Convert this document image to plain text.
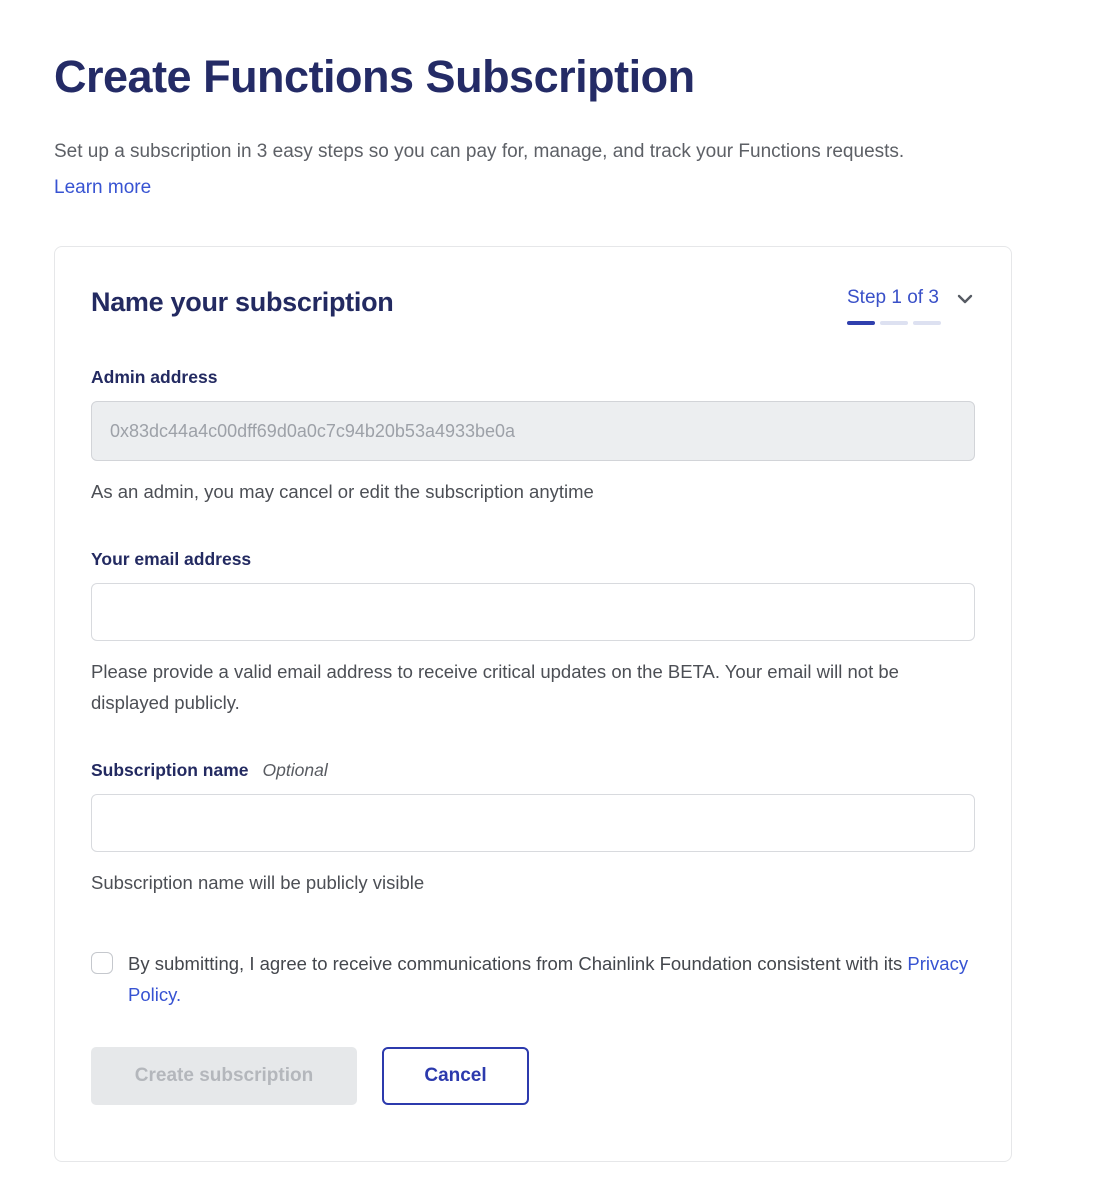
Create Functions Subscription

Set up a subscription in 3 easy steps so you can pay for, manage, and track your Functions requests. Learn more

Name your subscription	Step 1 of 3
Admin address
0x83dc44a4c00dff69d0a0c7c94b20b53a4933be0a

As an admin, you may cancel or edit the subscription anytime

Your email address

Please provide a valid email address to receive critical updates on the BETA. Your email will not be displayed publicly.

Subscription name Optional

Subscription name will be publicly visible

By submitting, I agree to receive communications from Chainlink Foundation consistent with its Privacy Policy.

Create subscription	Cancel
